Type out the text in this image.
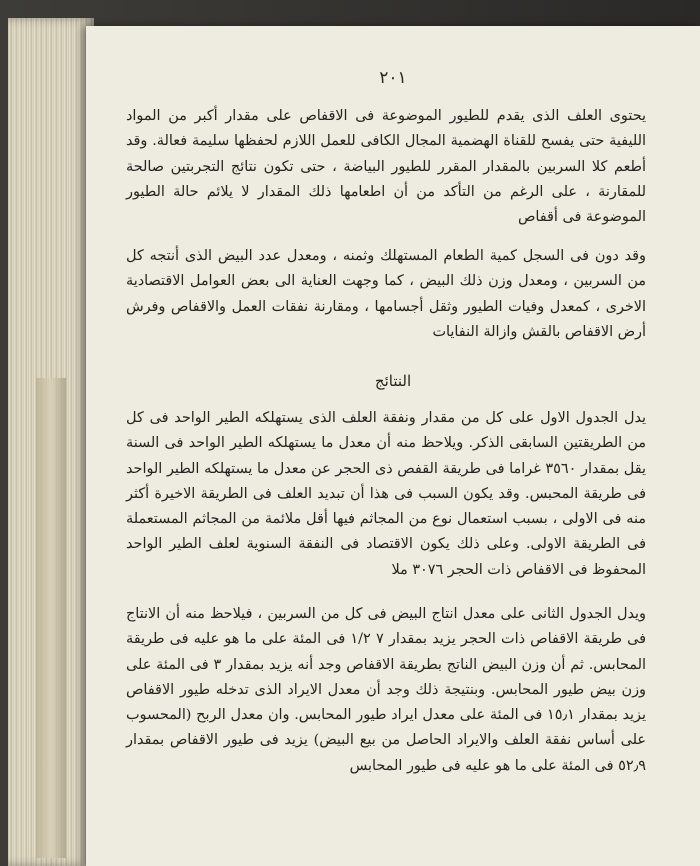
٢٠١

يحتوى العلف الذى يقدم للطيور الموضوعة فى الاقفاص على مقدار أكبر من المواد الليفية حتى يفسح للقناة الهضمية المجال الكافى للعمل اللازم لحفظها سليمة فعالة. وقد أطعم كلا السربين بالمقدار المقرر للطيور البياضة ، حتى تكون نتائج التجربتين صالحة للمقارنة ، على الرغم من التأكد من أن اطعامها ذلك المقدار لا يلائم حالة الطيور الموضوعة فى أقفاص

وقد دون فى السجل كمية الطعام المستهلك وثمنه ، ومعدل عدد البيض الذى أنتجه كل من السربين ، ومعدل وزن ذلك البيض ، كما وجهت العناية الى بعض العوامل الاقتصادية الاخرى ، كمعدل وفيات الطيور وثقل أجسامها ، ومقارنة نفقات العمل والاقفاص وفرش أرض الاقفاص بالقش وازالة النفايات

النتائج

يدل الجدول الاول على كل من مقدار ونفقة العلف الذى يستهلكه الطير الواحد فى كل من الطريقتين السابقى الذكر. ويلاحظ منه أن معدل ما يستهلكه الطير الواحد فى السنة يقل بمقدار ٣٥٦٠ غراما فى طريقة القفص ذى الحجر عن معدل ما يستهلكه الطير الواحد فى طريقة المحبس. وقد يكون السبب فى هذا أن تبديد العلف فى الطريقة الاخيرة أكثر منه فى الاولى ، بسبب استعمال نوع من المجاثم فيها أقل ملائمة من المجاثم المستعملة فى الطريقة الاولى. وعلى ذلك يكون الاقتصاد فى النفقة السنوية لعلف الطير الواحد المحفوظ فى الاقفاص ذات الحجر ٣٠٧٦ ملا

ويدل الجدول الثانى على معدل انتاج البيض فى كل من السربين ، فيلاحظ منه أن الانتاج فى طريقة الاقفاص ذات الحجر يزيد بمقدار ٧ ١/٢ فى المئة على ما هو عليه فى طريقة المحابس. ثم أن وزن البيض الناتج بطريقة الاقفاص وجد أنه يزيد بمقدار ٣ فى المئة على وزن بيض طيور المحابس. وبنتيجة ذلك وجد أن معدل الايراد الذى تدخله طيور الاقفاص يزيد بمقدار ١٥٫١ فى المئة على معدل ايراد طيور المحابس. وان معدل الربح (المحسوب على أساس نفقة العلف والايراد الحاصل من بيع البيض) يزيد فى طيور الاقفاص بمقدار ٥٢٫٩ فى المئة على ما هو عليه فى طيور المحابس
